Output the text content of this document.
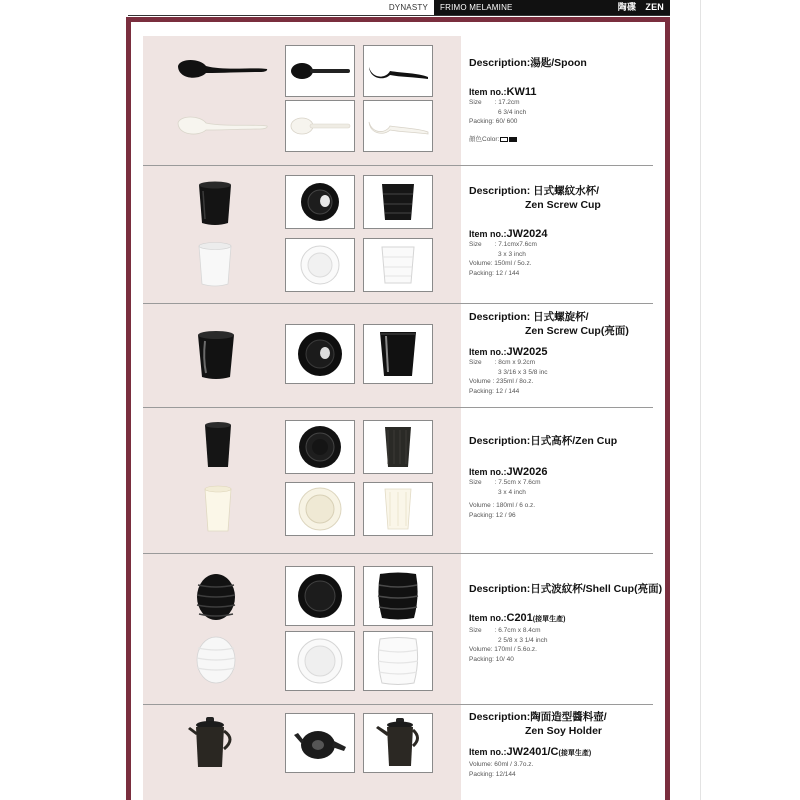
DYNASTY	FRIMO MELAMINE	陶碟　ZEN
Description:湯匙/Spoon
Item no.:KW11
Size　　: 17.2cm
6 3/4 inch
Packing: 60/ 600
顏色Color:
Description: 日式螺紋水杯/
Zen Screw Cup
Item no.:JW2024
Size　　: 7.1cmx7.6cm
3 x 3 inch
Volume: 150ml / 5o.z.
Packing: 12 / 144
Description: 日式螺旋杯/
Zen Screw Cup(亮面)
Item no.:JW2025
Size　　: 8cm x 9.2cm
3 3/16 x 3 5/8 inc
Volume : 235ml / 8o.z.
Packing: 12 / 144
Description:日式高杯/Zen Cup
Item no.:JW2026
Size　　: 7.5cm x 7.6cm
3 x 4 inch
Volume : 180ml / 6 o.z.
Packing: 12 / 96
Description:日式波紋杯/Shell Cup(亮面)
Item no.:C201(接單生產)
Size　　: 6.7cm x 8.4cm
2 5/8 x 3 1/4 inch
Volume: 170ml / 5.6o.z.
Packing: 10/ 40
Description:陶面造型醬料壺/
Zen Soy Holder
Item no.:JW2401/C(接單生產)
Volume: 60ml / 3.7o.z.
Packing: 12/144
